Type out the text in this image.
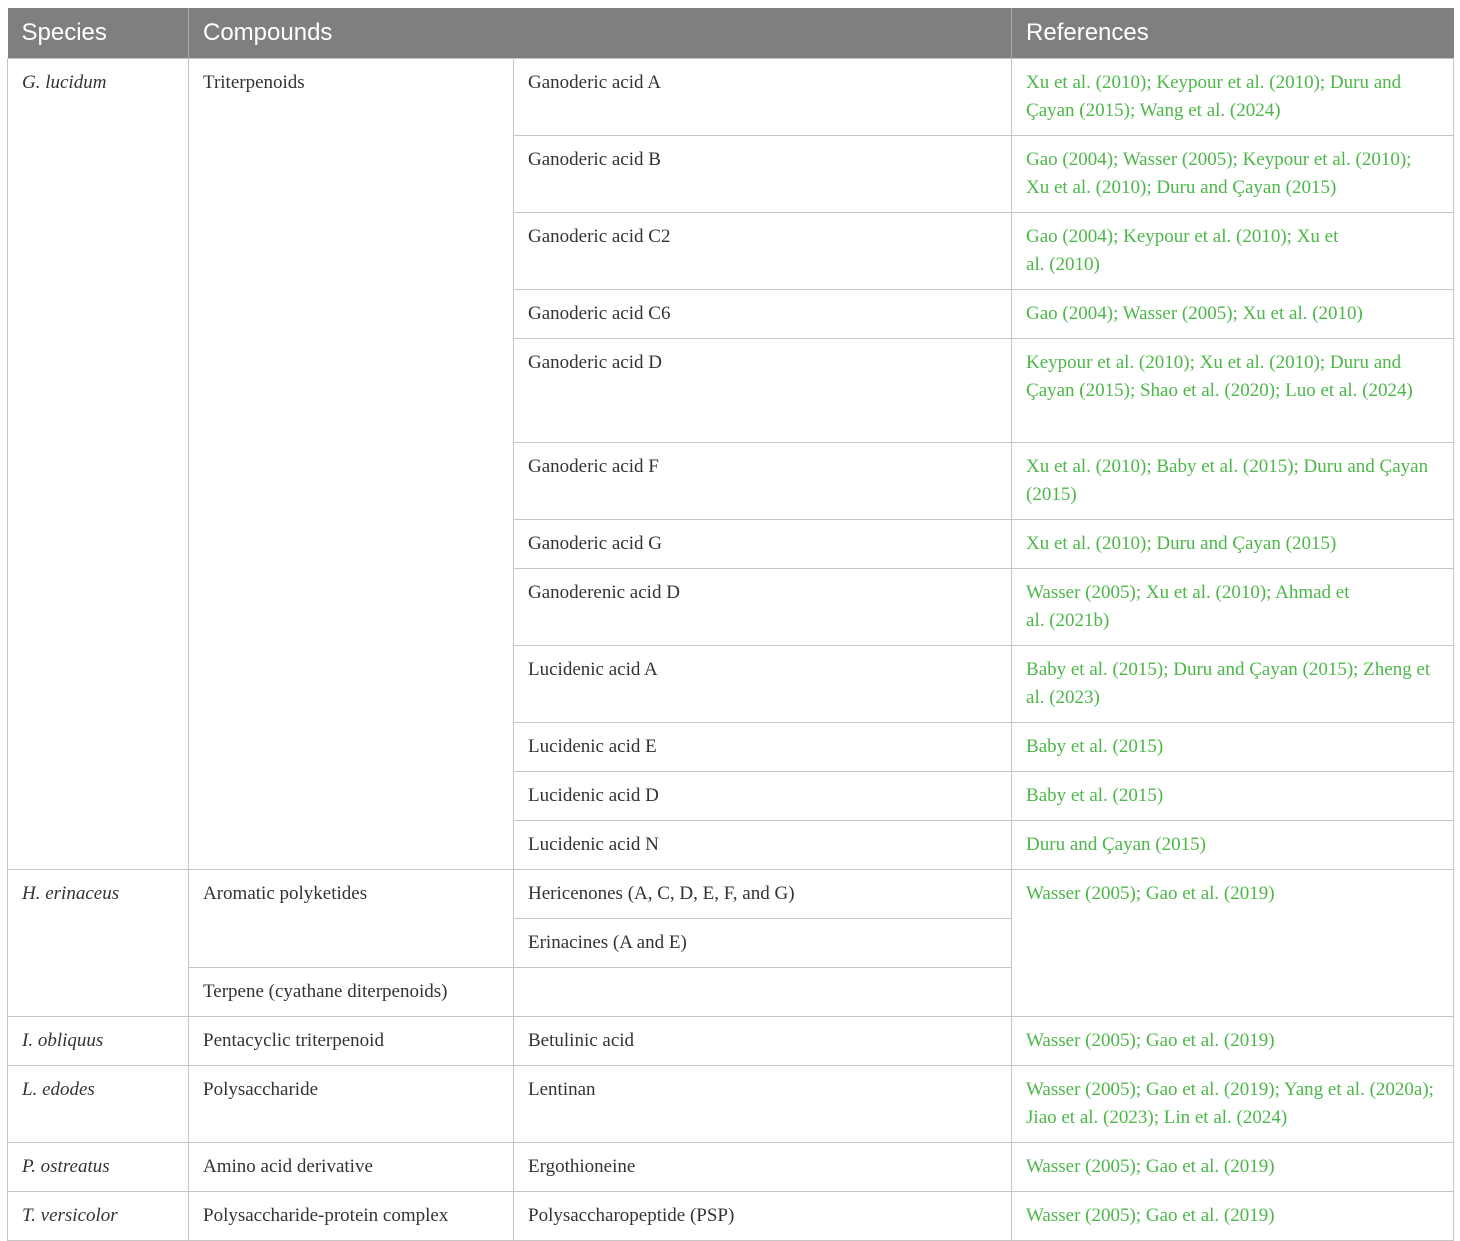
Species	Compounds		References
G. lucidum	Triterpenoids	Ganoderic acid A	Xu et al. (2010); Keypour et al. (2010); Duru and Çayan (2015); Wang et al. (2024)
		Ganoderic acid B	Gao (2004); Wasser (2005); Keypour et al. (2010); Xu et al. (2010); Duru and Çayan (2015)
		Ganoderic acid C2	Gao (2004); Keypour et al. (2010); Xu et al. (2010)
		Ganoderic acid C6	Gao (2004); Wasser (2005); Xu et al. (2010)
		Ganoderic acid D	Keypour et al. (2010); Xu et al. (2010); Duru and Çayan (2015); Shao et al. (2020); Luo et al. (2024)
		Ganoderic acid F	Xu et al. (2010); Baby et al. (2015); Duru and Çayan (2015)
		Ganoderic acid G	Xu et al. (2010); Duru and Çayan (2015)
		Ganoderenic acid D	Wasser (2005); Xu et al. (2010); Ahmad et al. (2021b)
		Lucidenic acid A	Baby et al. (2015); Duru and Çayan (2015); Zheng et al. (2023)
		Lucidenic acid E	Baby et al. (2015)
		Lucidenic acid D	Baby et al. (2015)
		Lucidenic acid N	Duru and Çayan (2015)
H. erinaceus	Aromatic polyketides	Hericenones (A, C, D, E, F, and G)	Wasser (2005); Gao et al. (2019)
		Erinacines (A and E)	
	Terpene (cyathane diterpenoids)		
I. obliquus	Pentacyclic triterpenoid	Betulinic acid	Wasser (2005); Gao et al. (2019)
L. edodes	Polysaccharide	Lentinan	Wasser (2005); Gao et al. (2019); Yang et al. (2020a); Jiao et al. (2023); Lin et al. (2024)
P. ostreatus	Amino acid derivative	Ergothioneine	Wasser (2005); Gao et al. (2019)
T. versicolor	Polysaccharide-protein complex	Polysaccharopeptide (PSP)	Wasser (2005); Gao et al. (2019)
